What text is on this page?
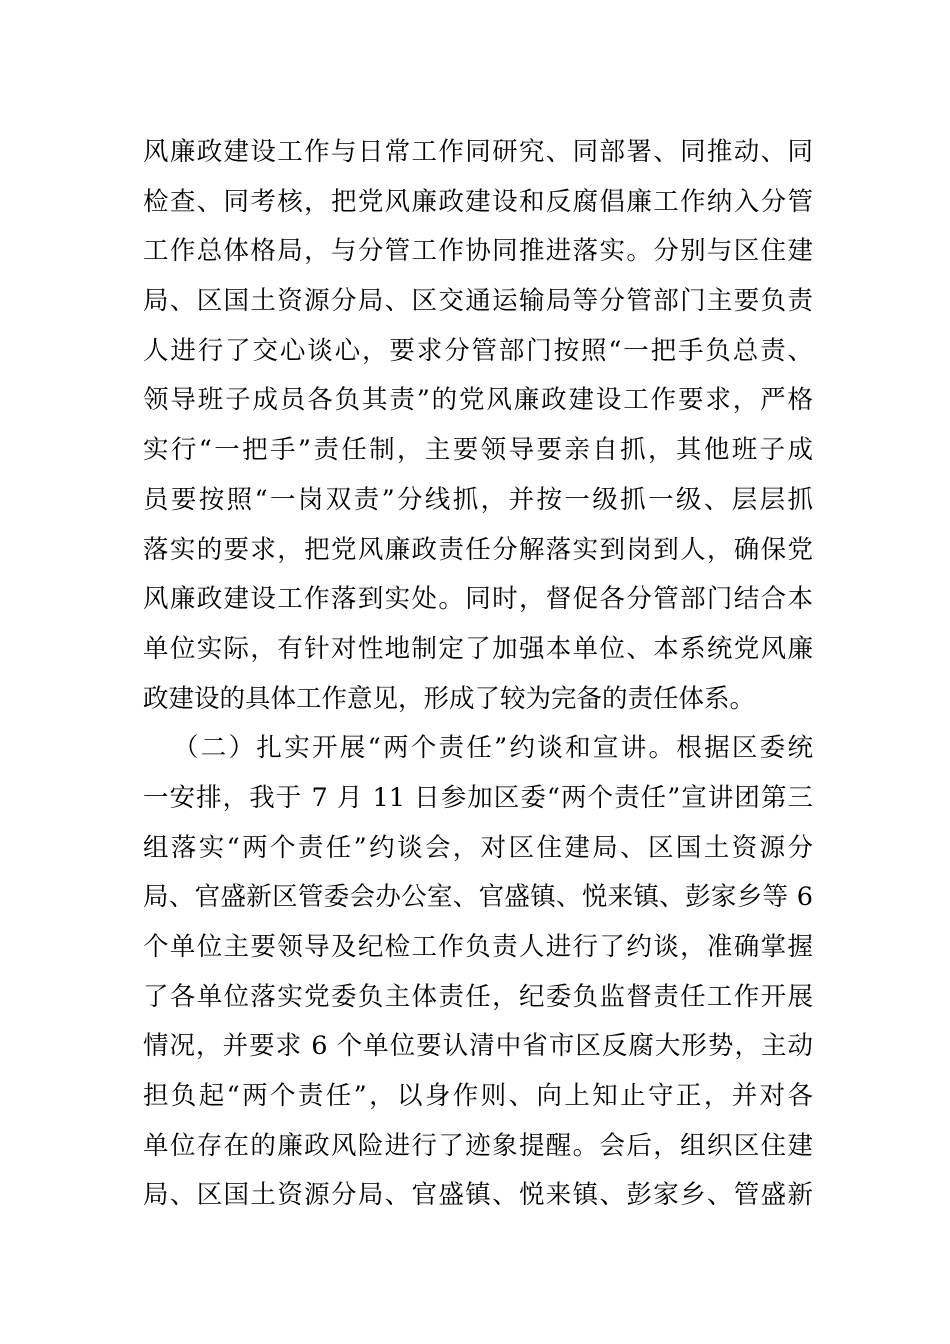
风廉政建设工作与日常工作同研究、同部署、同推动、同
检查、同考核，把党风廉政建设和反腐倡廉工作纳入分管
工作总体格局，与分管工作协同推进落实。分别与区住建
局、区国土资源分局、区交通运输局等分管部门主要负责
人进行了交心谈心，要求分管部门按照“一把手负总责、
领导班子成员各负其责”的党风廉政建设工作要求，严格
实行“一把手”责任制，主要领导要亲自抓，其他班子成
员要按照“一岗双责”分线抓，并按一级抓一级、层层抓
落实的要求，把党风廉政责任分解落实到岗到人，确保党
风廉政建设工作落到实处。同时，督促各分管部门结合本
单位实际，有针对性地制定了加强本单位、本系统党风廉
政建设的具体工作意见，形成了较为完备的责任体系。
（二）扎实开展“两个责任”约谈和宣讲。根据区委统
一安排，我于 7 月 11 日参加区委“两个责任”宣讲团第三
组落实“两个责任”约谈会，对区住建局、区国土资源分
局、官盛新区管委会办公室、官盛镇、悦来镇、彭家乡等 6
个单位主要领导及纪检工作负责人进行了约谈，准确掌握
了各单位落实党委负主体责任，纪委负监督责任工作开展
情况，并要求 6 个单位要认清中省市区反腐大形势，主动
担负起“两个责任”，以身作则、向上知止守正，并对各
单位存在的廉政风险进行了迹象提醒。会后，组织区住建
局、区国土资源分局、官盛镇、悦来镇、彭家乡、管盛新
